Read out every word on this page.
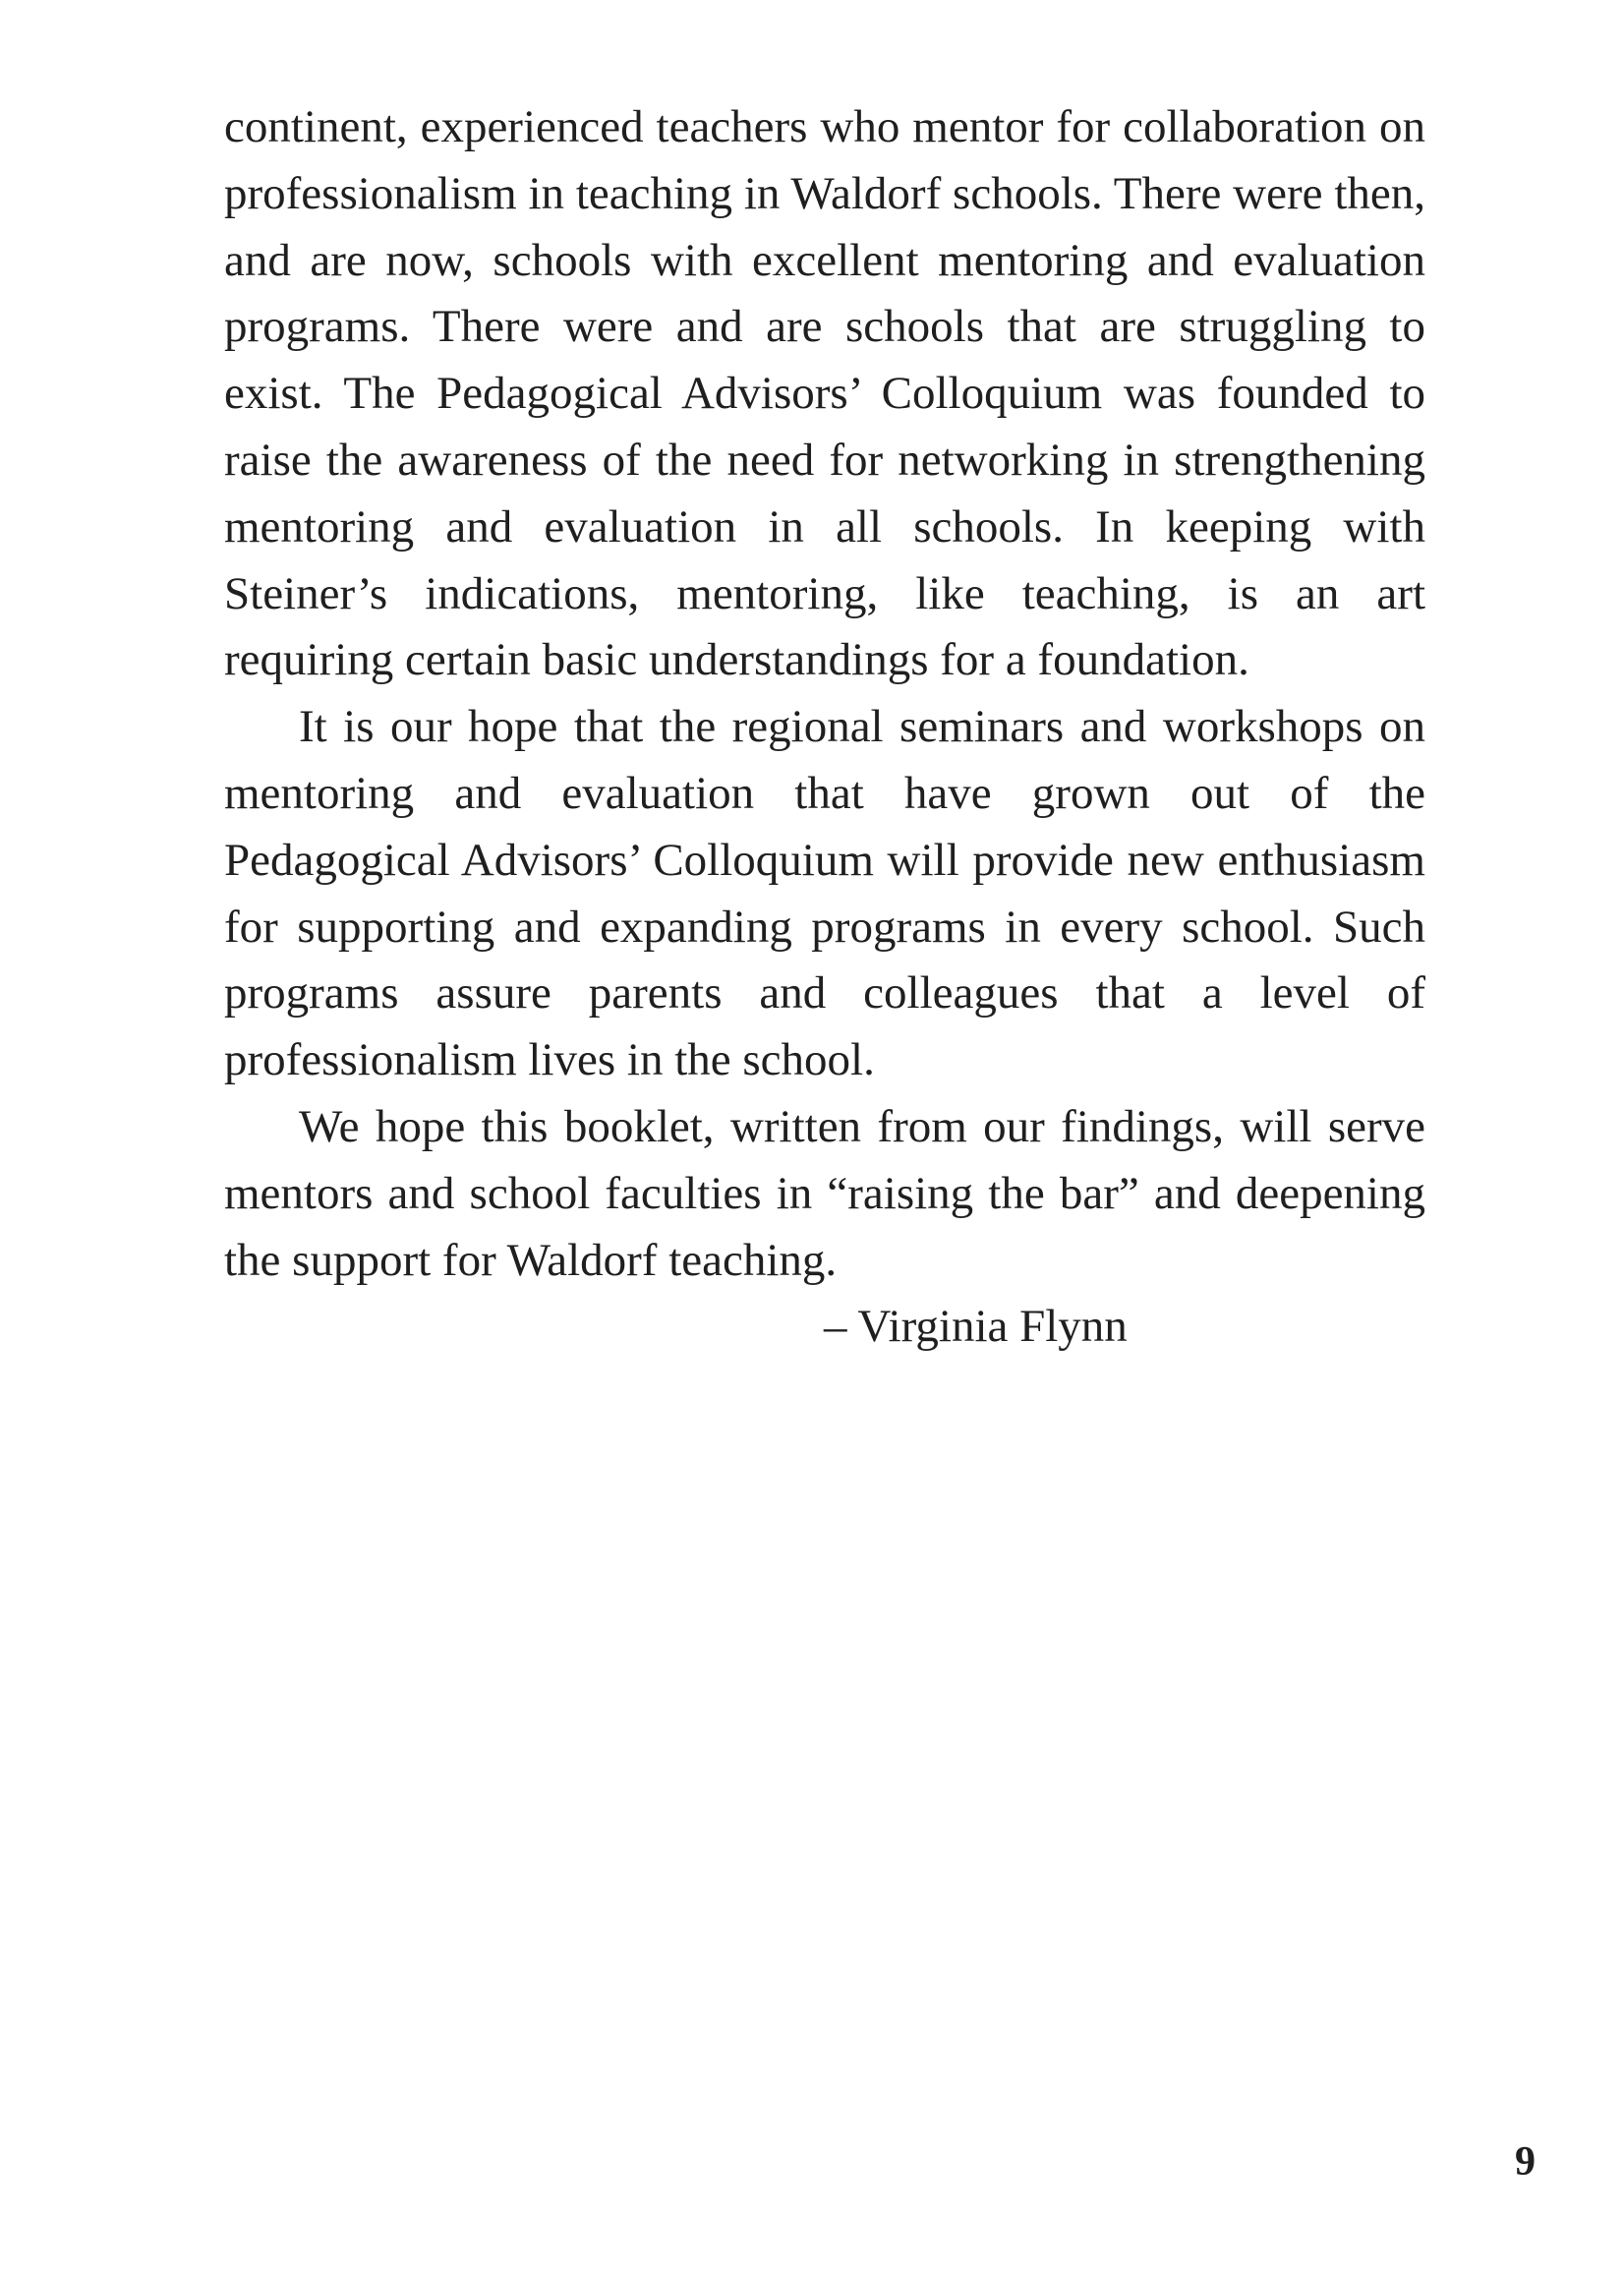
continent, experienced teachers who mentor for collaboration on professionalism in teaching in Waldorf schools. There were then, and are now, schools with excellent mentoring and evaluation programs. There were and are schools that are struggling to exist. The Pedagogical Advisors’ Colloquium was founded to raise the awareness of the need for networking in strengthening mentoring and evaluation in all schools. In keeping with Steiner’s indications, mentoring, like teaching, is an art requiring certain basic understandings for a foundation.

It is our hope that the regional seminars and workshops on mentoring and evaluation that have grown out of the Pedagogical Advisors’ Colloquium will provide new enthusiasm for supporting and expanding programs in every school. Such programs assure parents and colleagues that a level of professionalism lives in the school.

We hope this booklet, written from our findings, will serve mentors and school faculties in “raising the bar” and deepening the support for Waldorf teaching.

– Virginia Flynn

9
